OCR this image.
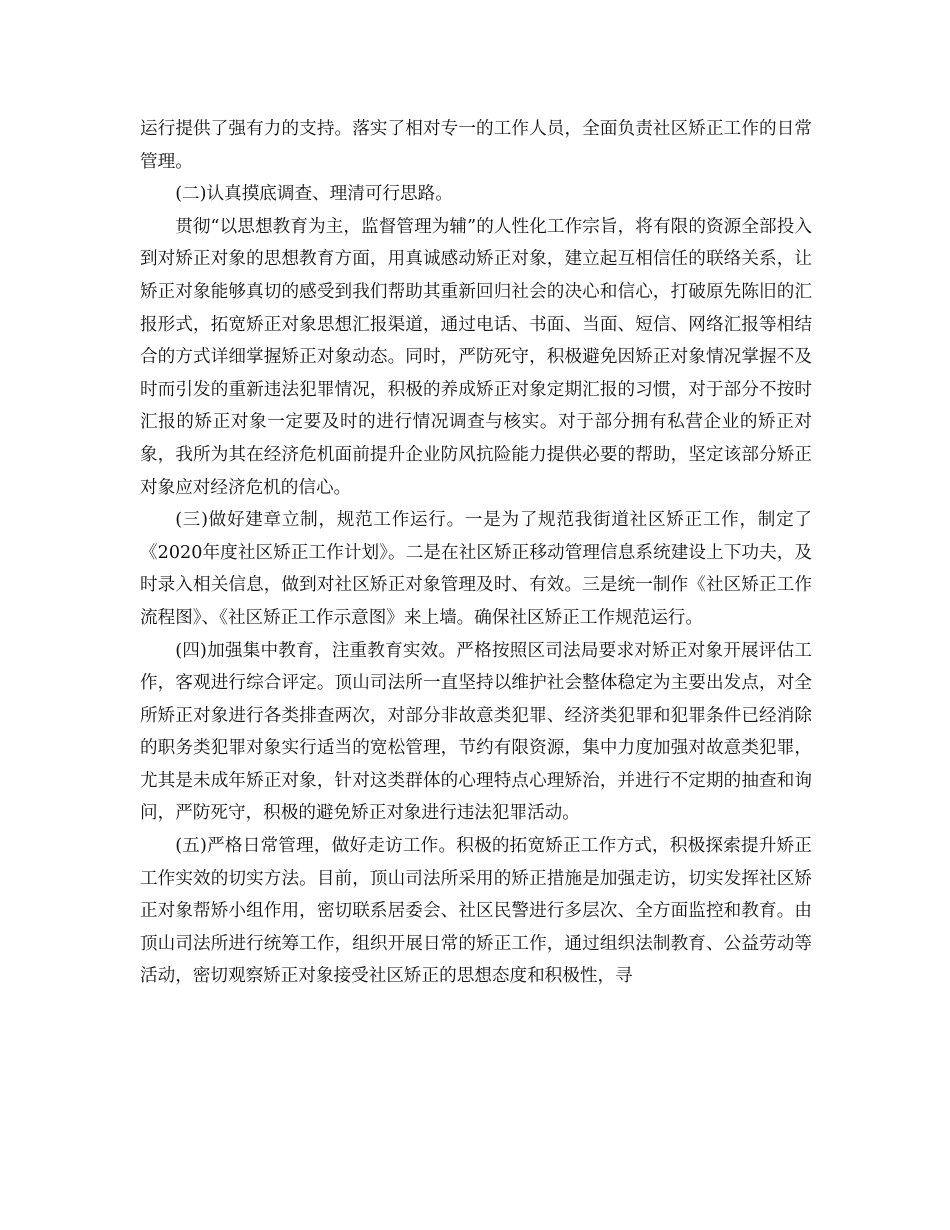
运行提供了强有力的支持。落实了相对专一的工作人员，全面负责社区矫正工作的日常管理。

(二)认真摸底调查、理清可行思路。

贯彻“以思想教育为主，监督管理为辅”的人性化工作宗旨，将有限的资源全部投入到对矫正对象的思想教育方面，用真诚感动矫正对象，建立起互相信任的联络关系，让矫正对象能够真切的感受到我们帮助其重新回归社会的决心和信心，打破原先陈旧的汇报形式，拓宽矫正对象思想汇报渠道，通过电话、书面、当面、短信、网络汇报等相结合的方式详细掌握矫正对象动态。同时，严防死守，积极避免因矫正对象情况掌握不及时而引发的重新违法犯罪情况，积极的养成矫正对象定期汇报的习惯，对于部分不按时汇报的矫正对象一定要及时的进行情况调查与核实。对于部分拥有私营企业的矫正对象，我所为其在经济危机面前提升企业防风抗险能力提供必要的帮助，坚定该部分矫正对象应对经济危机的信心。

(三)做好建章立制，规范工作运行。一是为了规范我街道社区矫正工作，制定了《2020年度社区矫正工作计划》。二是在社区矫正移动管理信息系统建设上下功夫，及时录入相关信息，做到对社区矫正对象管理及时、有效。三是统一制作《社区矫正工作流程图》、《社区矫正工作示意图》来上墙。确保社区矫正工作规范运行。

(四)加强集中教育，注重教育实效。严格按照区司法局要求对矫正对象开展评估工作，客观进行综合评定。顶山司法所一直坚持以维护社会整体稳定为主要出发点，对全所矫正对象进行各类排查两次，对部分非故意类犯罪、经济类犯罪和犯罪条件已经消除的职务类犯罪对象实行适当的宽松管理，节约有限资源，集中力度加强对故意类犯罪，尤其是未成年矫正对象，针对这类群体的心理特点心理矫治，并进行不定期的抽查和询问，严防死守，积极的避免矫正对象进行违法犯罪活动。

(五)严格日常管理，做好走访工作。积极的拓宽矫正工作方式，积极探索提升矫正工作实效的切实方法。目前，顶山司法所采用的矫正措施是加强走访，切实发挥社区矫正对象帮矫小组作用，密切联系居委会、社区民警进行多层次、全方面监控和教育。由顶山司法所进行统筹工作，组织开展日常的矫正工作，通过组织法制教育、公益劳动等活动，密切观察矫正对象接受社区矫正的思想态度和积极性，寻
